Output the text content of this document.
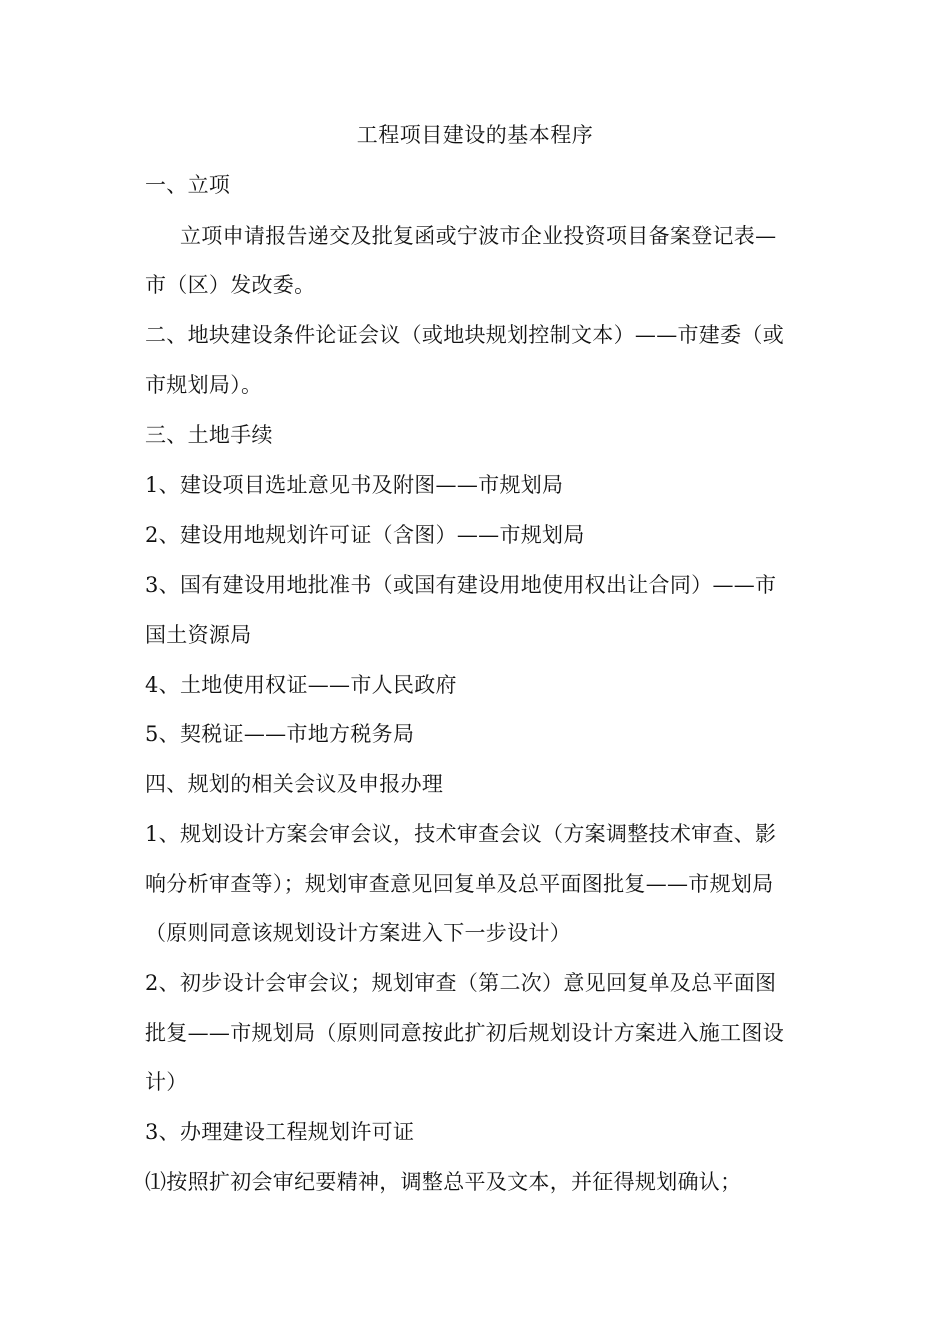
工程项目建设的基本程序
一、立项
立项申请报告递交及批复函或宁波市企业投资项目备案登记表—
市（区）发改委。
二、地块建设条件论证会议（或地块规划控制文本）——市建委（或
市规划局）。
三、土地手续
1、建设项目选址意见书及附图——市规划局
2、建设用地规划许可证（含图）——市规划局
3、国有建设用地批准书（或国有建设用地使用权出让合同）——市
国土资源局
4、土地使用权证——市人民政府
5、契税证——市地方税务局
四、规划的相关会议及申报办理
1、规划设计方案会审会议，技术审查会议（方案调整技术审查、影
响分析审查等）；规划审查意见回复单及总平面图批复——市规划局
（原则同意该规划设计方案进入下一步设计）
2、初步设计会审会议；规划审查（第二次）意见回复单及总平面图
批复——市规划局（原则同意按此扩初后规划设计方案进入施工图设
计）
3、办理建设工程规划许可证
⑴按照扩初会审纪要精神，调整总平及文本，并征得规划确认；
